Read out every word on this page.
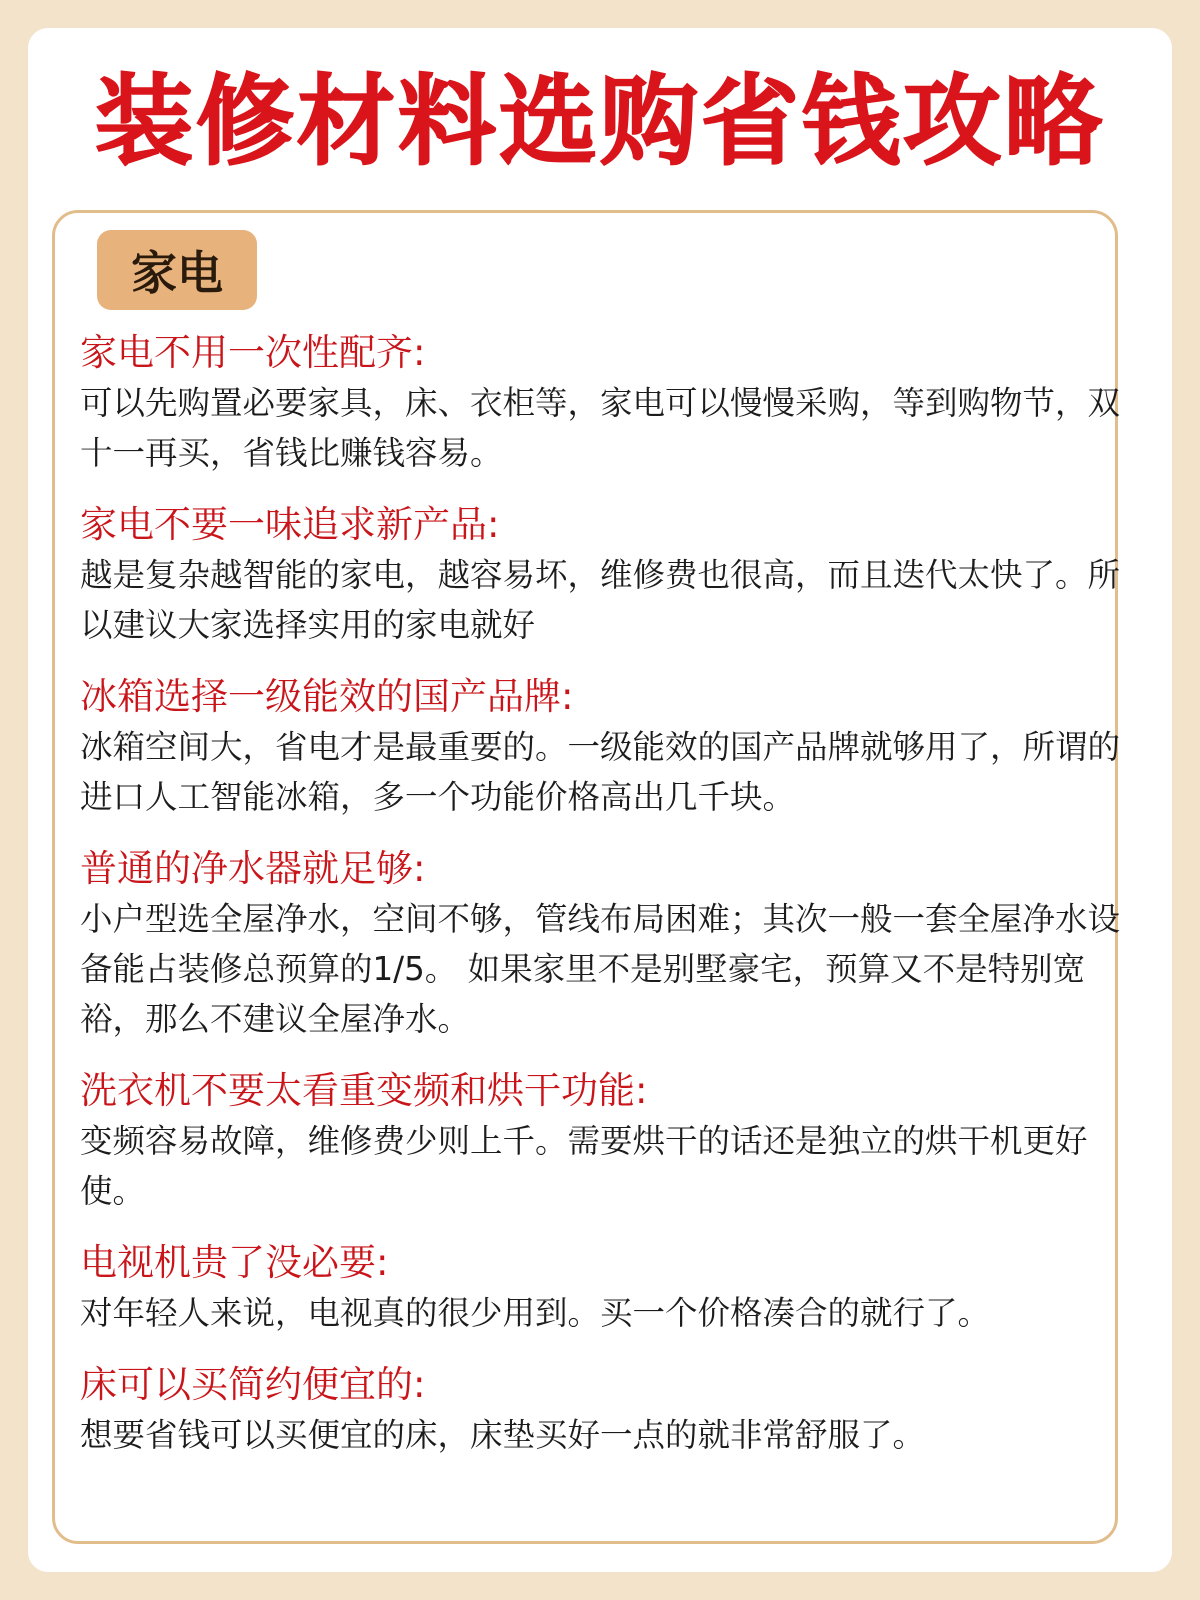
装修材料选购省钱攻略
家电
家电不用一次性配齐:
可以先购置必要家具，床、衣柜等，家电可以慢慢采购，等到购物节，双十一再买，省钱比赚钱容易。
家电不要一味追求新产品:
越是复杂越智能的家电，越容易坏，维修费也很高，而且迭代太快了。所以建议大家选择实用的家电就好
冰箱选择一级能效的国产品牌:
冰箱空间大，省电才是最重要的。一级能效的国产品牌就够用了，所谓的进口人工智能冰箱，多一个功能价格高出几千块。
普通的净水器就足够:
小户型选全屋净水，空间不够，管线布局困难；其次一般一套全屋净水设备能占装修总预算的1/5。 如果家里不是别墅豪宅，预算又不是特别宽裕，那么不建议全屋净水。
洗衣机不要太看重变频和烘干功能:
变频容易故障，维修费少则上千。需要烘干的话还是独立的烘干机更好使。
电视机贵了没必要:
对年轻人来说，电视真的很少用到。买一个价格凑合的就行了。
床可以买简约便宜的:
想要省钱可以买便宜的床，床垫买好一点的就非常舒服了。
